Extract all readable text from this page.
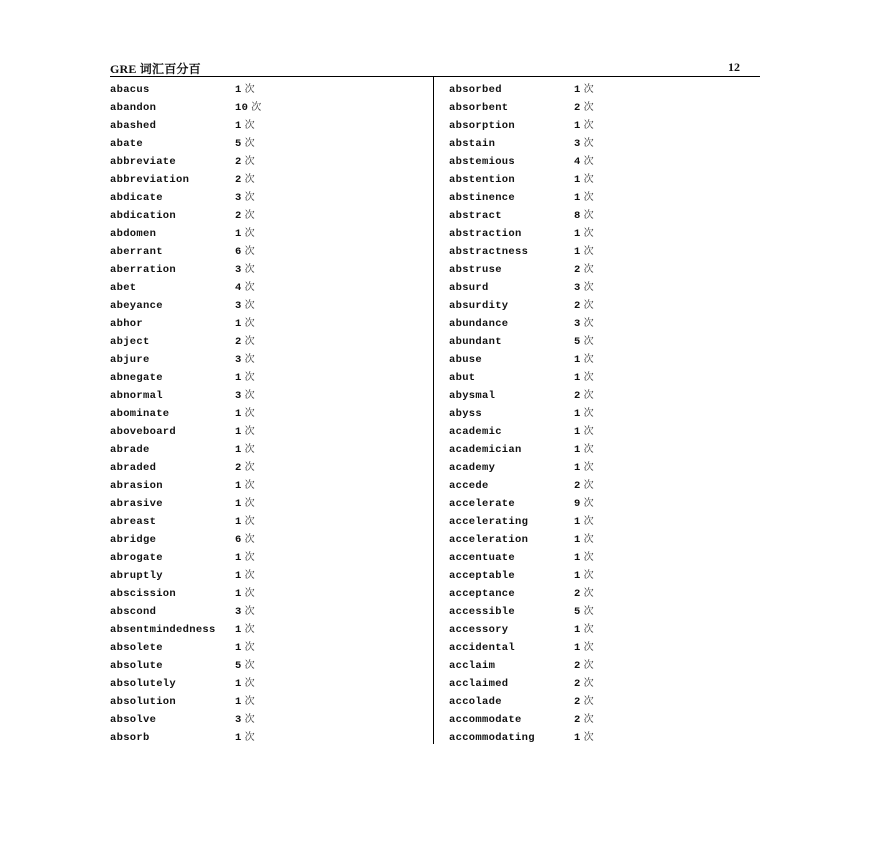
GRE 词汇百分百	12
abacus	1 次
abandon	10 次
abashed	1 次
abate	5 次
abbreviate	2 次
abbreviation	2 次
abdicate	3 次
abdication	2 次
abdomen	1 次
aberrant	6 次
aberration	3 次
abet	4 次
abeyance	3 次
abhor	1 次
abject	2 次
abjure	3 次
abnegate	1 次
abnormal	3 次
abominate	1 次
aboveboard	1 次
abrade	1 次
abraded	2 次
abrasion	1 次
abrasive	1 次
abreast	1 次
abridge	6 次
abrogate	1 次
abruptly	1 次
abscission	1 次
abscond	3 次
absentmindedness 1 次
absolete	1 次
absolute	5 次
absolutely	1 次
absolution	1 次
absolve	3 次
absorb	1 次
absorbed	1 次
absorbent	2 次
absorption	1 次
abstain	3 次
abstemious	4 次
abstention	1 次
abstinence	1 次
abstract	8 次
abstraction	1 次
abstractness	1 次
abstruse	2 次
absurd	3 次
absurdity	2 次
abundance	3 次
abundant	5 次
abuse	1 次
abut	1 次
abysmal	2 次
abyss	1 次
academic	1 次
academician	1 次
academy	1 次
accede	2 次
accelerate	9 次
accelerating	1 次
acceleration	1 次
accentuate	1 次
acceptable	1 次
acceptance	2 次
accessible	5 次
accessory	1 次
accidental	1 次
acclaim	2 次
acclaimed	2 次
accolade	2 次
accommodate	2 次
accommodating	1 次
